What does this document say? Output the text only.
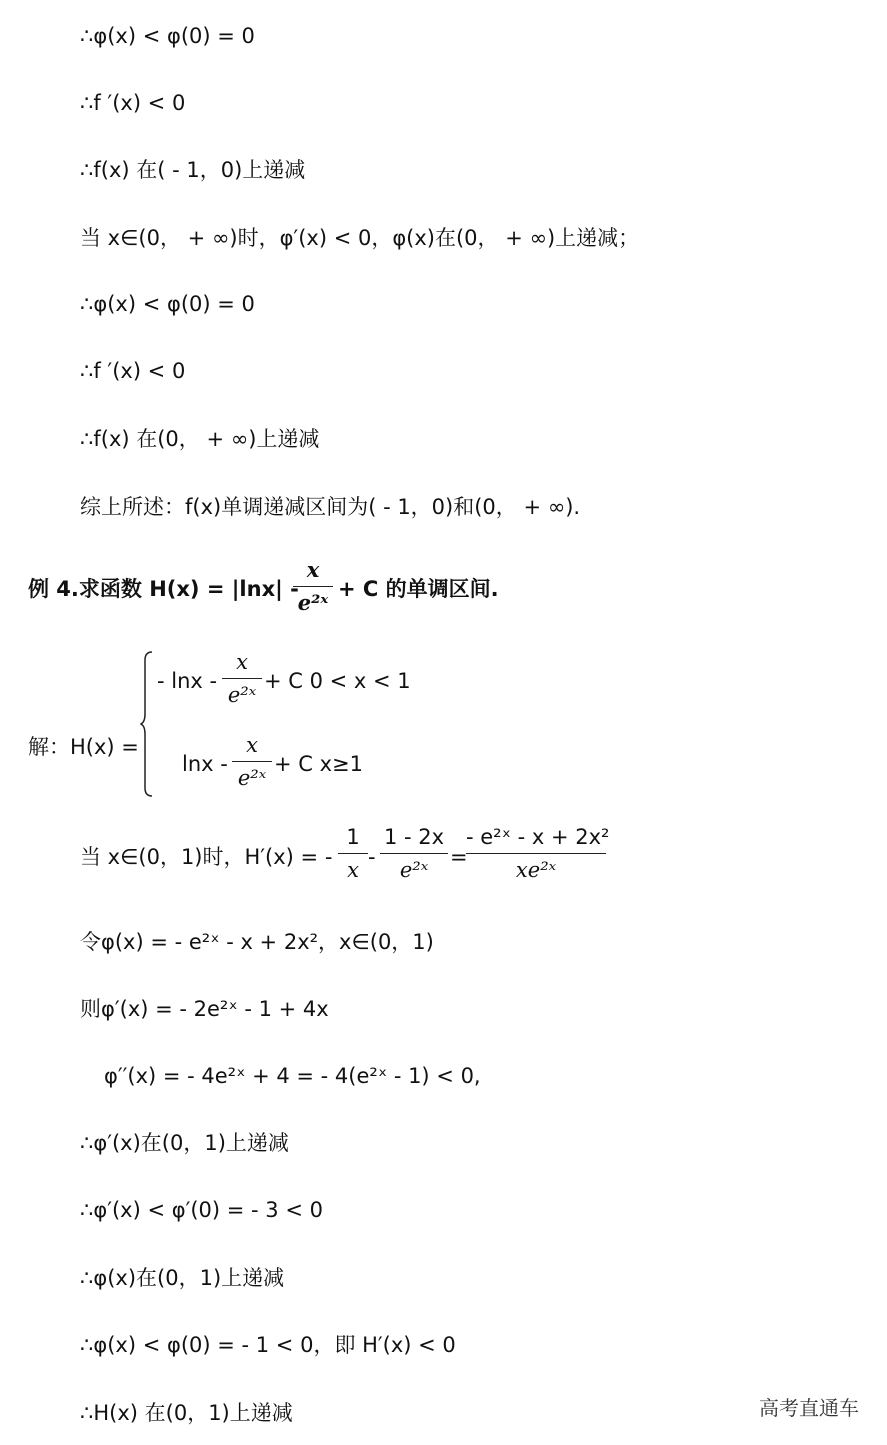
∴φ(x) < φ(0) = 0
∴f ′(x) < 0
∴f(x) 在( - 1，0)上递减
当 x∈(0， + ∞)时，φ′(x) < 0，φ(x)在(0， + ∞)上递减；
∴φ(x) < φ(0) = 0
∴f ′(x) < 0
∴f(x) 在(0， + ∞)上递减
综上所述：f(x)单调递减区间为( - 1，0)和(0， + ∞).
例 4.求函数 H(x) = |lnx| -
x
e²ˣ
+ C 的单调区间.
解：H(x) =
- lnx -
x
e²ˣ
+ C 0 < x < 1
lnx -
x
e²ˣ
+ C x≥1
当 x∈(0，1)时，H′(x) = -
1
x
-
1 - 2x
e²ˣ
=
- e²ˣ - x + 2x²
xe²ˣ
令φ(x) = - e²ˣ - x + 2x²，x∈(0，1)
则φ′(x) = - 2e²ˣ - 1 + 4x
φ′′(x) = - 4e²ˣ + 4 = - 4(e²ˣ - 1) < 0,
∴φ′(x)在(0，1)上递减
∴φ′(x) < φ′(0) = - 3 < 0
∴φ(x)在(0，1)上递减
∴φ(x) < φ(0) = - 1 < 0，即 H′(x) < 0
∴H(x) 在(0，1)上递减	高考直通车
